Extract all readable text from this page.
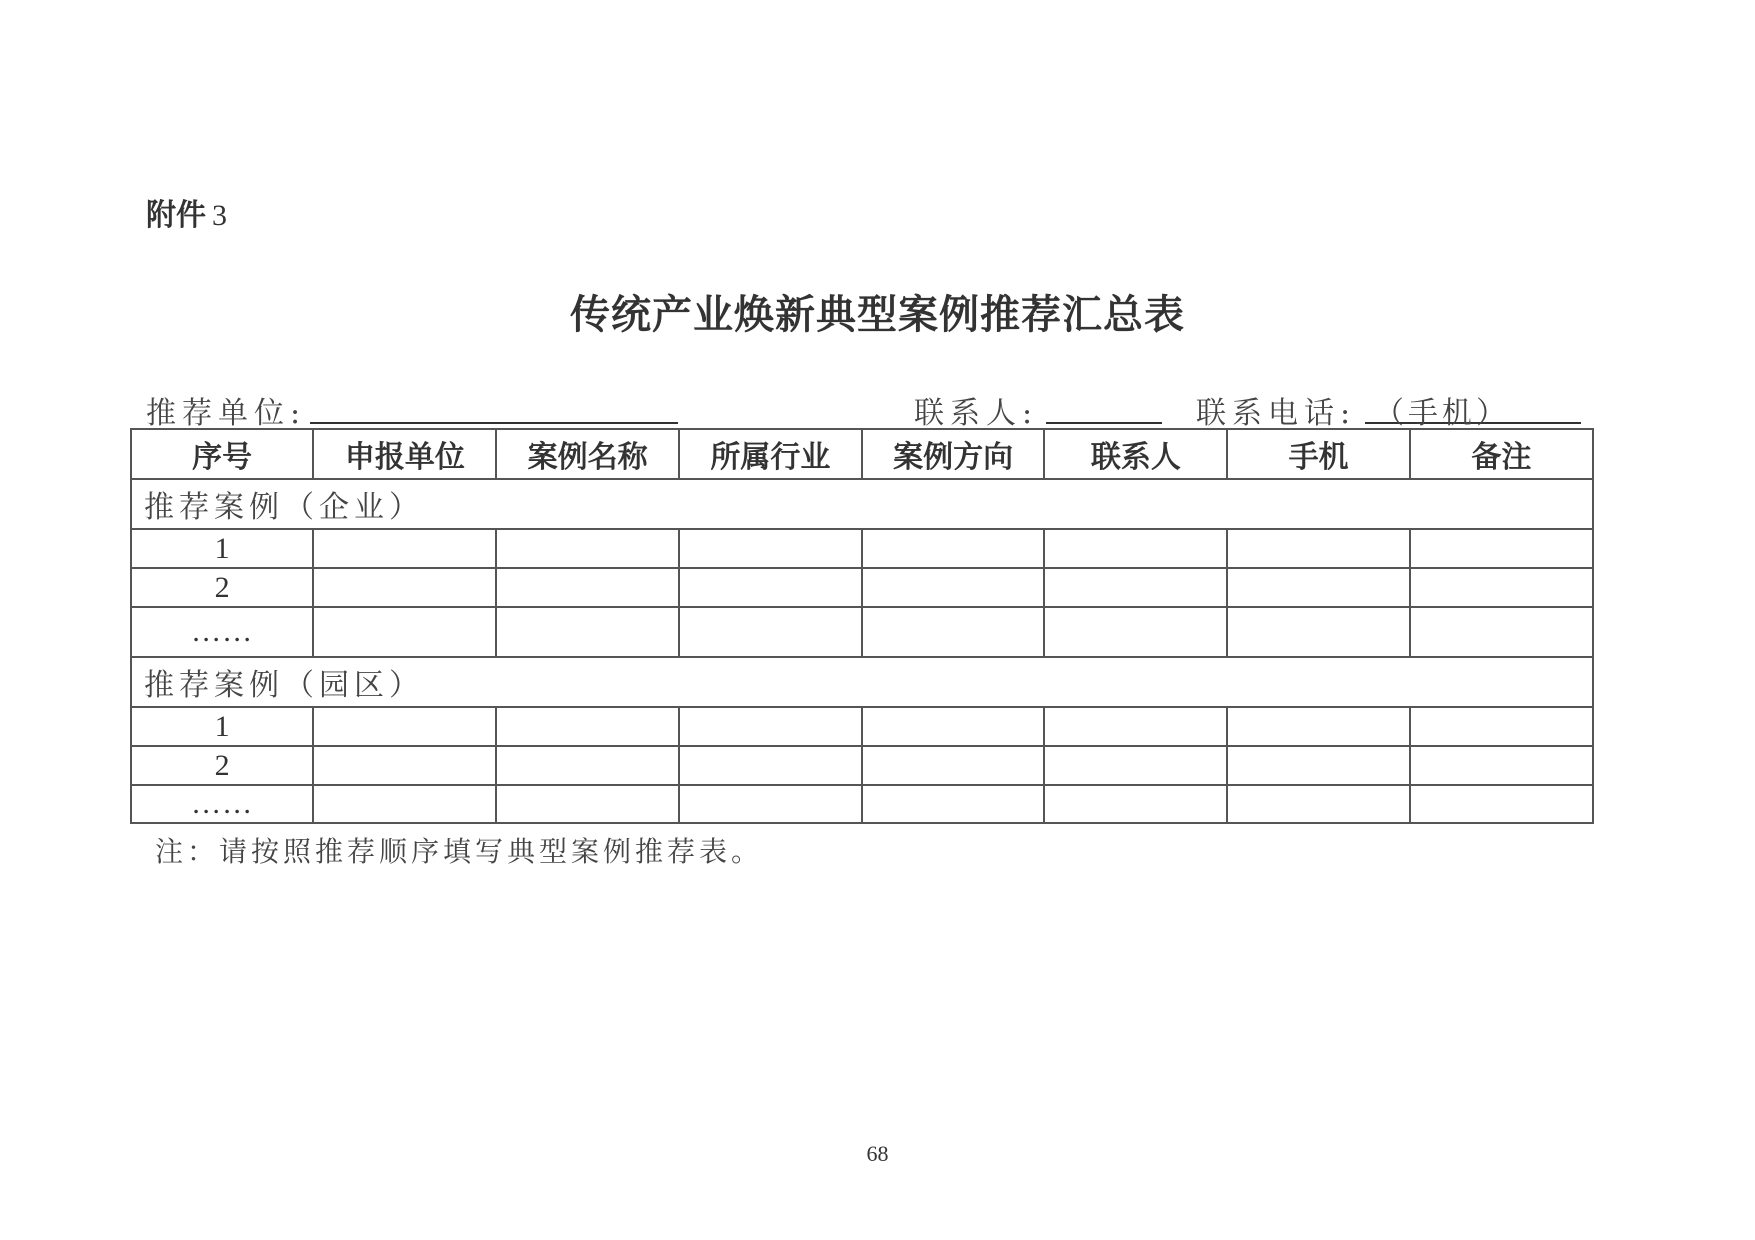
附件 3
传统产业焕新典型案例推荐汇总表
推荐单位:	联系人:	联系电话: （手机）
序号	申报单位	案例名称	所属行业	案例方向	联系人	手机	备注
推荐案例（企业）							
1							
2							
……							
推荐案例（园区）							
1							
2							
……							
注：请按照推荐顺序填写典型案例推荐表。
68
